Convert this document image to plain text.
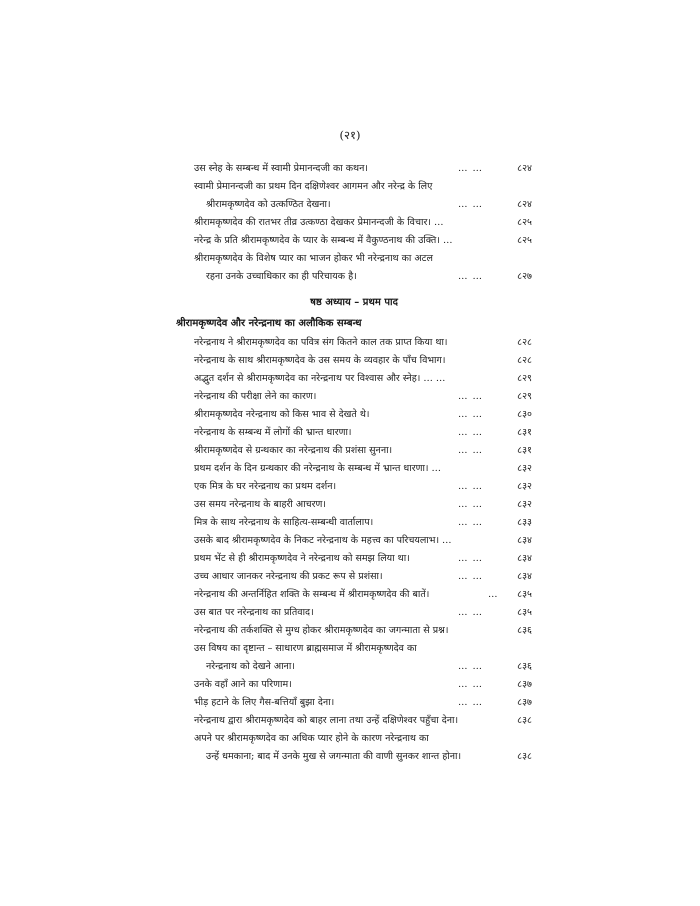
(२१)
उस स्नेह के सम्बन्ध में स्वामी प्रेमानन्दजी का कथन।	… …	८२४
स्वामी प्रेमानन्दजी का प्रथम दिन दक्षिणेश्वर आगमन और नरेन्द्र के लिए
श्रीरामकृष्णदेव को उत्कण्ठित देखना।	… …	८२४
श्रीरामकृष्णदेव की रातभर तीव्र उत्कण्ठा देखकर प्रेमानन्दजी के विचार। …	८२५
नरेन्द्र के प्रति श्रीरामकृष्णदेव के प्यार के सम्बन्ध में वैकुण्ठनाथ की उक्ति। …	८२५
श्रीरामकृष्णदेव के विशेष प्यार का भाजन होकर भी नरेन्द्रनाथ का अटल
रहना उनके उच्चाधिकार का ही परिचायक है।	… …	८२७
षष्ठ अध्याय – प्रथम पाद
श्रीरामकृष्णदेव और नरेन्द्रनाथ का अलौकिक सम्बन्ध
नरेन्द्रनाथ ने श्रीरामकृष्णदेव का पवित्र संग कितने काल तक प्राप्त किया था।	८२८
नरेन्द्रनाथ के साथ श्रीरामकृष्णदेव के उस समय के व्यवहार के पाँच विभाग।	८२८
अद्भुत दर्शन से श्रीरामकृष्णदेव का नरेन्द्रनाथ पर विश्वास और स्नेह। … …	८२९
नरेन्द्रनाथ की परीक्षा लेने का कारण।	… …	८२९
श्रीरामकृष्णदेव नरेन्द्रनाथ को किस भाव से देखते थे।	… …	८३०
नरेन्द्रनाथ के सम्बन्ध में लोगों की भ्रान्त धारणा।	… …	८३१
श्रीरामकृष्णदेव से ग्रन्थकार का नरेन्द्रनाथ की प्रशंसा सुनना।	… …	८३१
प्रथम दर्शन के दिन ग्रन्थकार की नरेन्द्रनाथ के सम्बन्ध में भ्रान्त धारणा। …	८३२
एक मित्र के घर नरेन्द्रनाथ का प्रथम दर्शन।	… …	८३२
उस समय नरेन्द्रनाथ के बाहरी आचरण।	… …	८३२
मित्र के साथ नरेन्द्रनाथ के साहित्य-सम्बन्धी वार्तालाप।	… …	८३३
उसके बाद श्रीरामकृष्णदेव के निकट नरेन्द्रनाथ के महत्त्व का परिचयलाभ। …	८३४
प्रथम भेंट से ही श्रीरामकृष्णदेव ने नरेन्द्रनाथ को समझ लिया था।	… …	८३४
उच्च आधार जानकर नरेन्द्रनाथ की प्रकट रूप से प्रशंसा।	… …	८३४
नरेन्द्रनाथ की अन्तर्निहित शक्ति के सम्बन्ध में श्रीरामकृष्णदेव की बातें।	… ८३५
उस बात पर नरेन्द्रनाथ का प्रतिवाद।	… …	८३५
नरेन्द्रनाथ की तर्कशक्ति से मुग्ध होकर श्रीरामकृष्णदेव का जगन्माता से प्रश्न।	८३६
उस विषय का दृष्टान्त – साधारण ब्राह्मसमाज में श्रीरामकृष्णदेव का
नरेन्द्रनाथ को देखने आना।	… …	८३६
उनके वहाँ आने का परिणाम।	… …	८३७
भीड़ हटाने के लिए गैस-बत्तियाँ बुझा देना।	… …	८३७
नरेन्द्रनाथ द्वारा श्रीरामकृष्णदेव को बाहर लाना तथा उन्हें दक्षिणेश्वर पहुँचा देना।	८३८
अपने पर श्रीरामकृष्णदेव का अधिक प्यार होने के कारण नरेन्द्रनाथ का
उन्हें धमकाना; बाद में उनके मुख से जगन्माता की वाणी सुनकर शान्त होना।	८३८
